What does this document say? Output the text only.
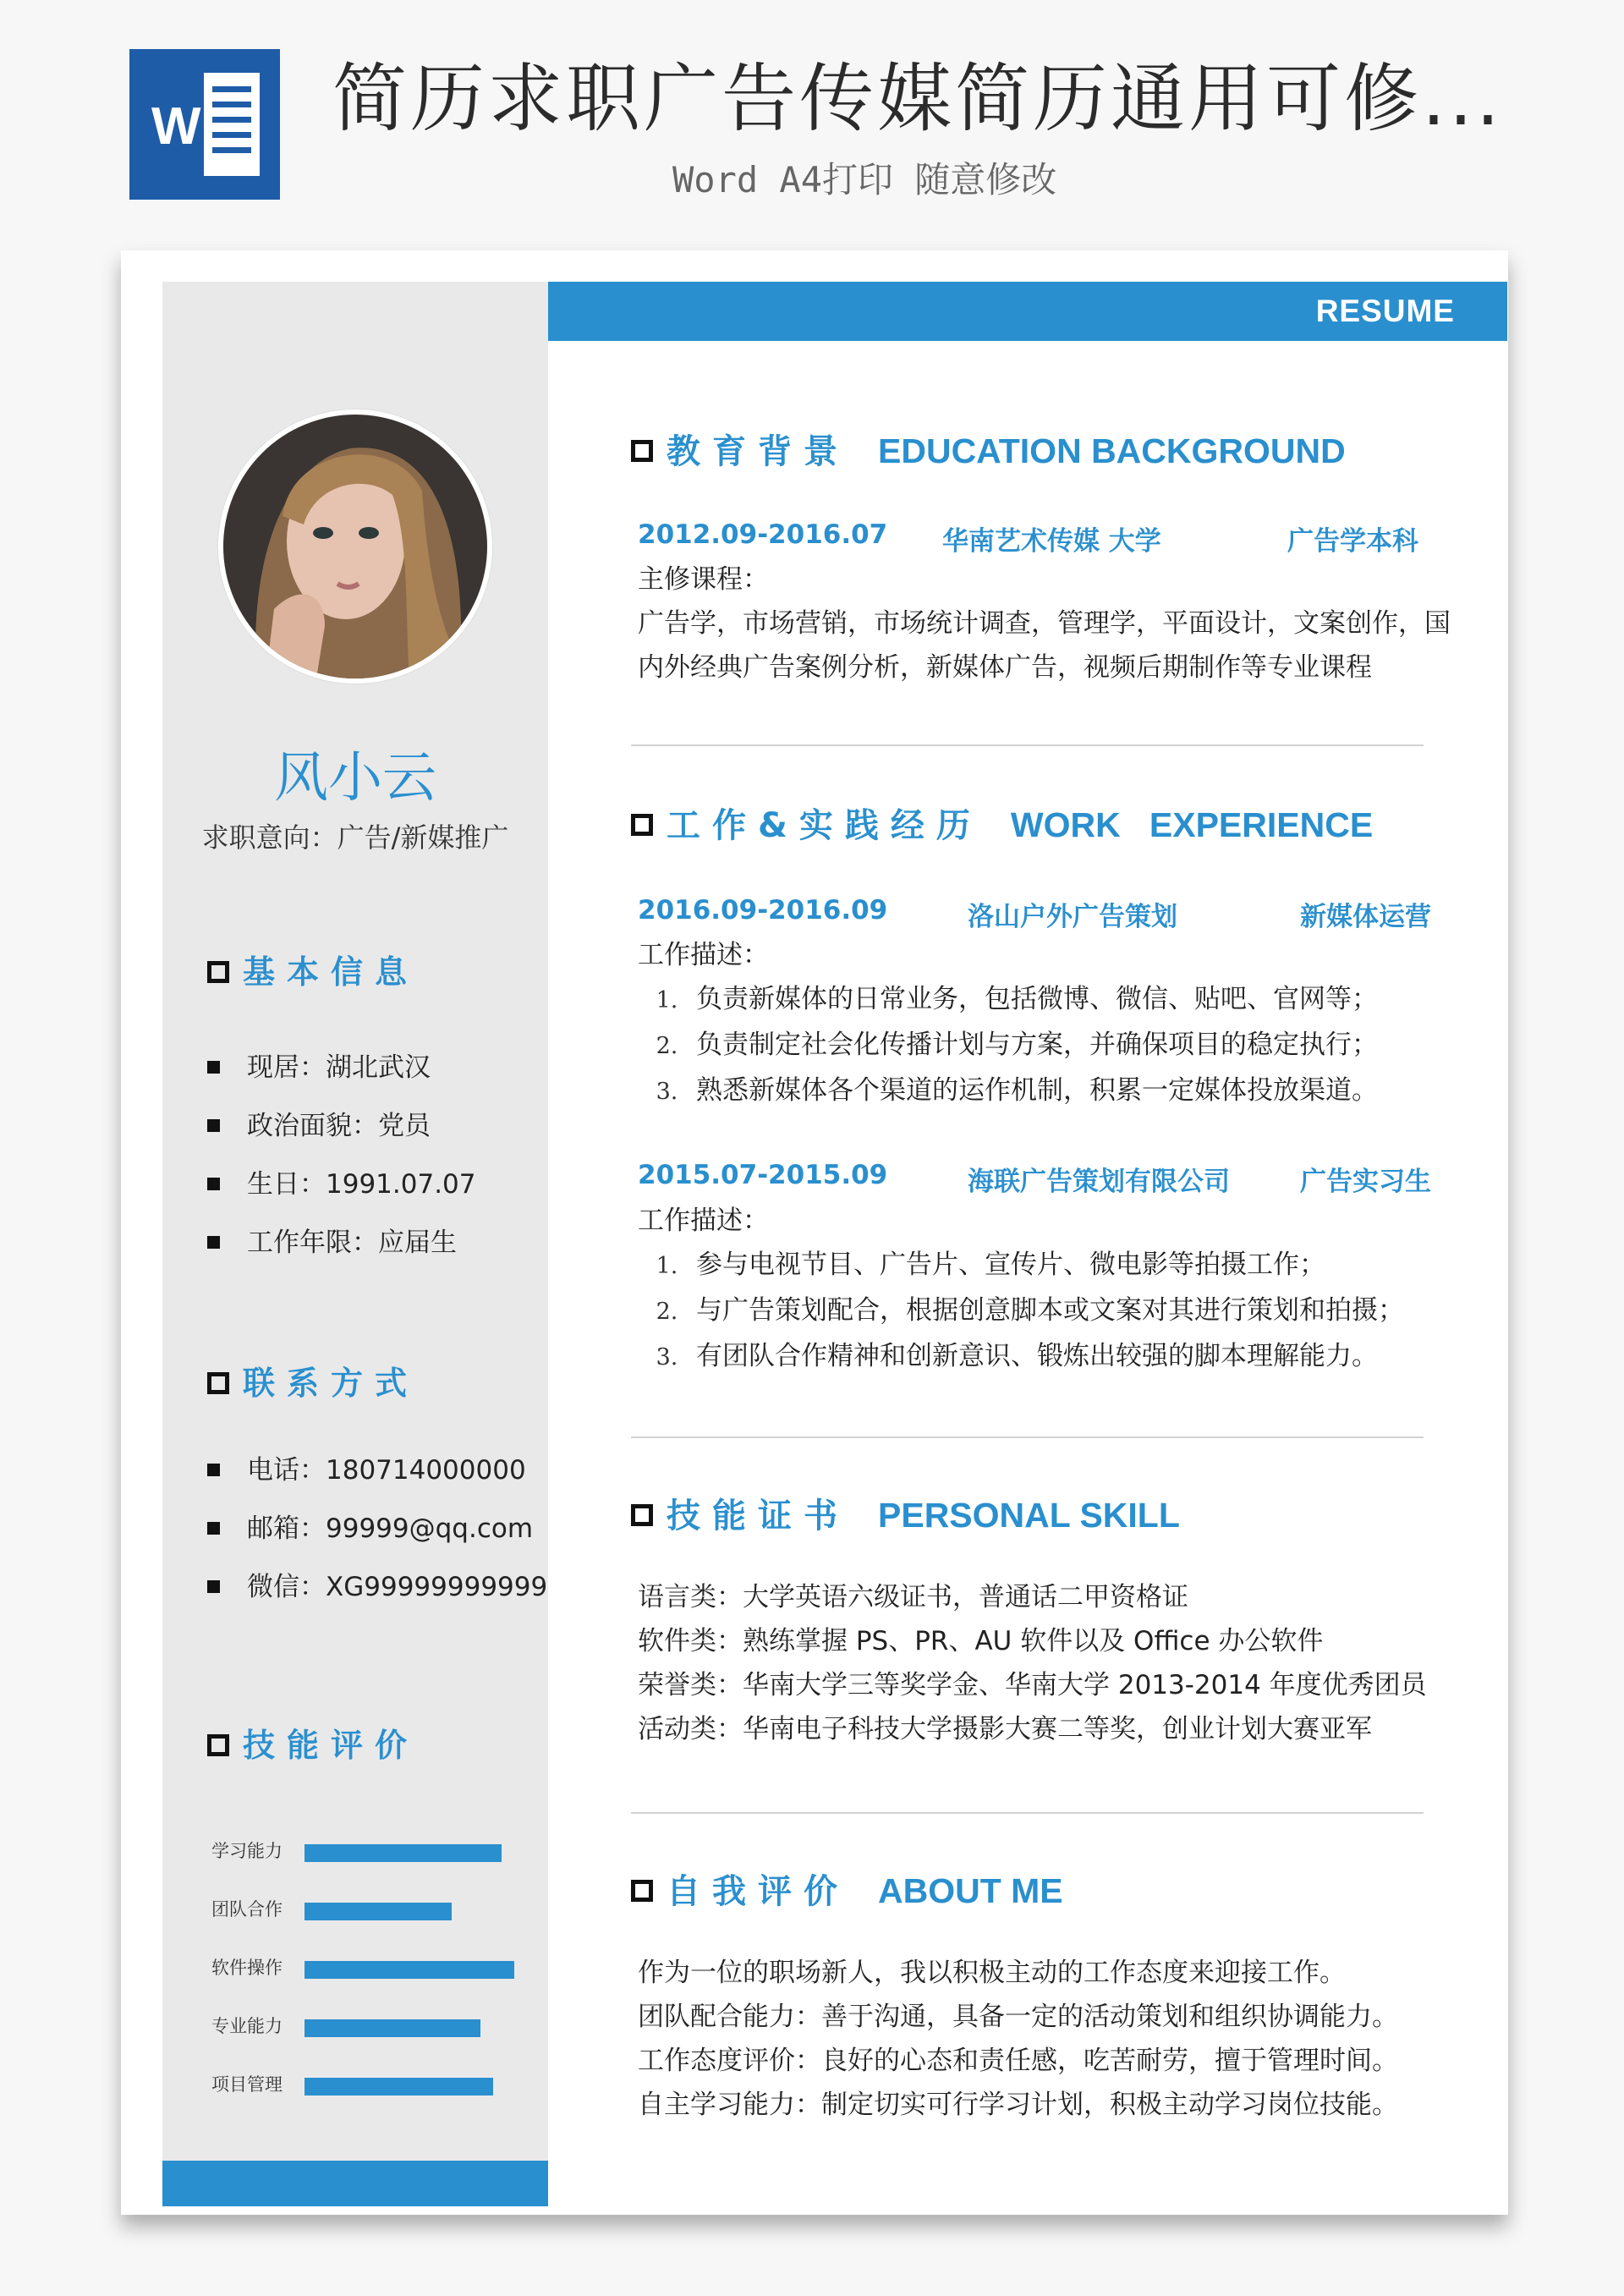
W 简历求职广告传媒简历通用可修...
Word A4打印 随意修改
RESUME
风小云
求职意向：广告/新媒推广
基本信息
现居：湖北武汉
政治面貌：党员
生日：1991.07.07
工作年限：应届生
联系方式
电话：180714000000
邮箱：99999@qq.com
微信：XG99999999999
技能评价
学习能力
团队合作
软件操作
专业能力
项目管理
教育背景 EDUCATION BACKGROUND
2012.09-2016.07 华南艺术传媒 大学	广告学本科
主修课程：
广告学，市场营销，市场统计调查，管理学，平面设计，文案创作，国
内外经典广告案例分析，新媒体广告，视频后期制作等专业课程
工作&实践经历 WORK   EXPERIENCE
2016.09-2016.09	洛山户外广告策划	新媒体运营
工作描述：
1. 负责新媒体的日常业务，包括微博、微信、贴吧、官网等；
2. 负责制定社会化传播计划与方案，并确保项目的稳定执行；
3. 熟悉新媒体各个渠道的运作机制，积累一定媒体投放渠道。
2015.07-2015.09	海联广告策划有限公司	广告实习生
工作描述：
1. 参与电视节目、广告片、宣传片、微电影等拍摄工作；
2. 与广告策划配合，根据创意脚本或文案对其进行策划和拍摄；
3. 有团队合作精神和创新意识、锻炼出较强的脚本理解能力。
技能证书 PERSONAL SKILL
语言类：大学英语六级证书，普通话二甲资格证
软件类：熟练掌握 PS、PR、AU 软件以及 Office 办公软件
荣誉类：华南大学三等奖学金、华南大学 2013-2014 年度优秀团员
活动类：华南电子科技大学摄影大赛二等奖，创业计划大赛亚军
自我评价 ABOUT ME
作为一位的职场新人，我以积极主动的工作态度来迎接工作。
团队配合能力：善于沟通，具备一定的活动策划和组织协调能力。
工作态度评价：良好的心态和责任感，吃苦耐劳，擅于管理时间。
自主学习能力：制定切实可行学习计划，积极主动学习岗位技能。
